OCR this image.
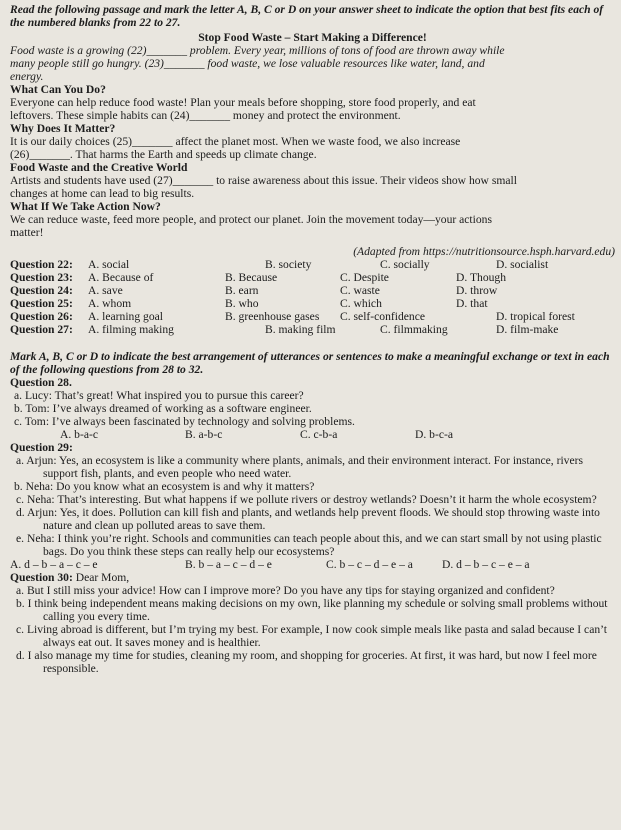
Read the following passage and mark the letter A, B, C or D on your answer sheet to indicate the option that best fits each of the numbered blanks from 22 to 27.

Stop Food Waste – Start Making a Difference!

Food waste is a growing (22)_______ problem. Every year, millions of tons of food are thrown away while

many people still go hungry. (23)_______ food waste, we lose valuable resources like water, land, and

energy.

What Can You Do?

Everyone can help reduce food waste! Plan your meals before shopping, store food properly, and eat

leftovers. These simple habits can (24)_______ money and protect the environment.

Why Does It Matter?

It is our daily choices (25)_______ affect the planet most. When we waste food, we also increase

(26)_______. That harms the Earth and speeds up climate change.

Food Waste and the Creative World

Artists and students have used (27)_______ to raise awareness about this issue. Their videos show how small

changes at home can lead to big results.

What If We Take Action Now?

We can reduce waste, feed more people, and protect our planet. Join the movement today—your actions

matter!

(Adapted from https://nutritionsource.hsph.harvard.edu)

Question 22: A. social	B. society	C. socially	D. socialist
Question 23: A. Because of	B. Because	C. Despite	D. Though
Question 24: A. save	B. earn	C. waste	D. throw
Question 25: A. whom	B. who	C. which	D. that
Question 26: A. learning goal	B. greenhouse gases C. self-confidence	D. tropical forest
Question 27: A. filming making	B. making film	C. filmmaking	D. film-make

Mark A, B, C or D to indicate the best arrangement of utterances or sentences to make a meaningful exchange or text in each of the following questions from 28 to 32.

Question 28.

a. Lucy: That’s great! What inspired you to pursue this career?

b. Tom: I’ve always dreamed of working as a software engineer.

c. Tom: I’ve always been fascinated by technology and solving problems.

A. b-a-c	B. a-b-c	C. c-b-a	D. b-c-a

Question 29:

a. Arjun: Yes, an ecosystem is like a community where plants, animals, and their environment interact. For instance, rivers support fish, plants, and even people who need water.

b. Neha: Do you know what an ecosystem is and why it matters?

c. Neha: That’s interesting. But what happens if we pollute rivers or destroy wetlands? Doesn’t it harm the whole ecosystem?

d. Arjun: Yes, it does. Pollution can kill fish and plants, and wetlands help prevent floods. We should stop throwing waste into nature and clean up polluted areas to save them.

e. Neha: I think you’re right. Schools and communities can teach people about this, and we can start small by not using plastic bags. Do you think these steps can really help our ecosystems?

A. d – b – a – c – e	B. b – a – c – d – e	C. b – c – d – e – a	D. d – b – c – e – a

Question 30: Dear Mom,

a. But I still miss your advice! How can I improve more? Do you have any tips for staying organized and confident?

b. I think being independent means making decisions on my own, like planning my schedule or solving small problems without calling you every time.

c. Living abroad is different, but I’m trying my best. For example, I now cook simple meals like pasta and salad because I can’t always eat out. It saves money and is healthier.

d. I also manage my time for studies, cleaning my room, and shopping for groceries. At first, it was hard, but now I feel more responsible.
